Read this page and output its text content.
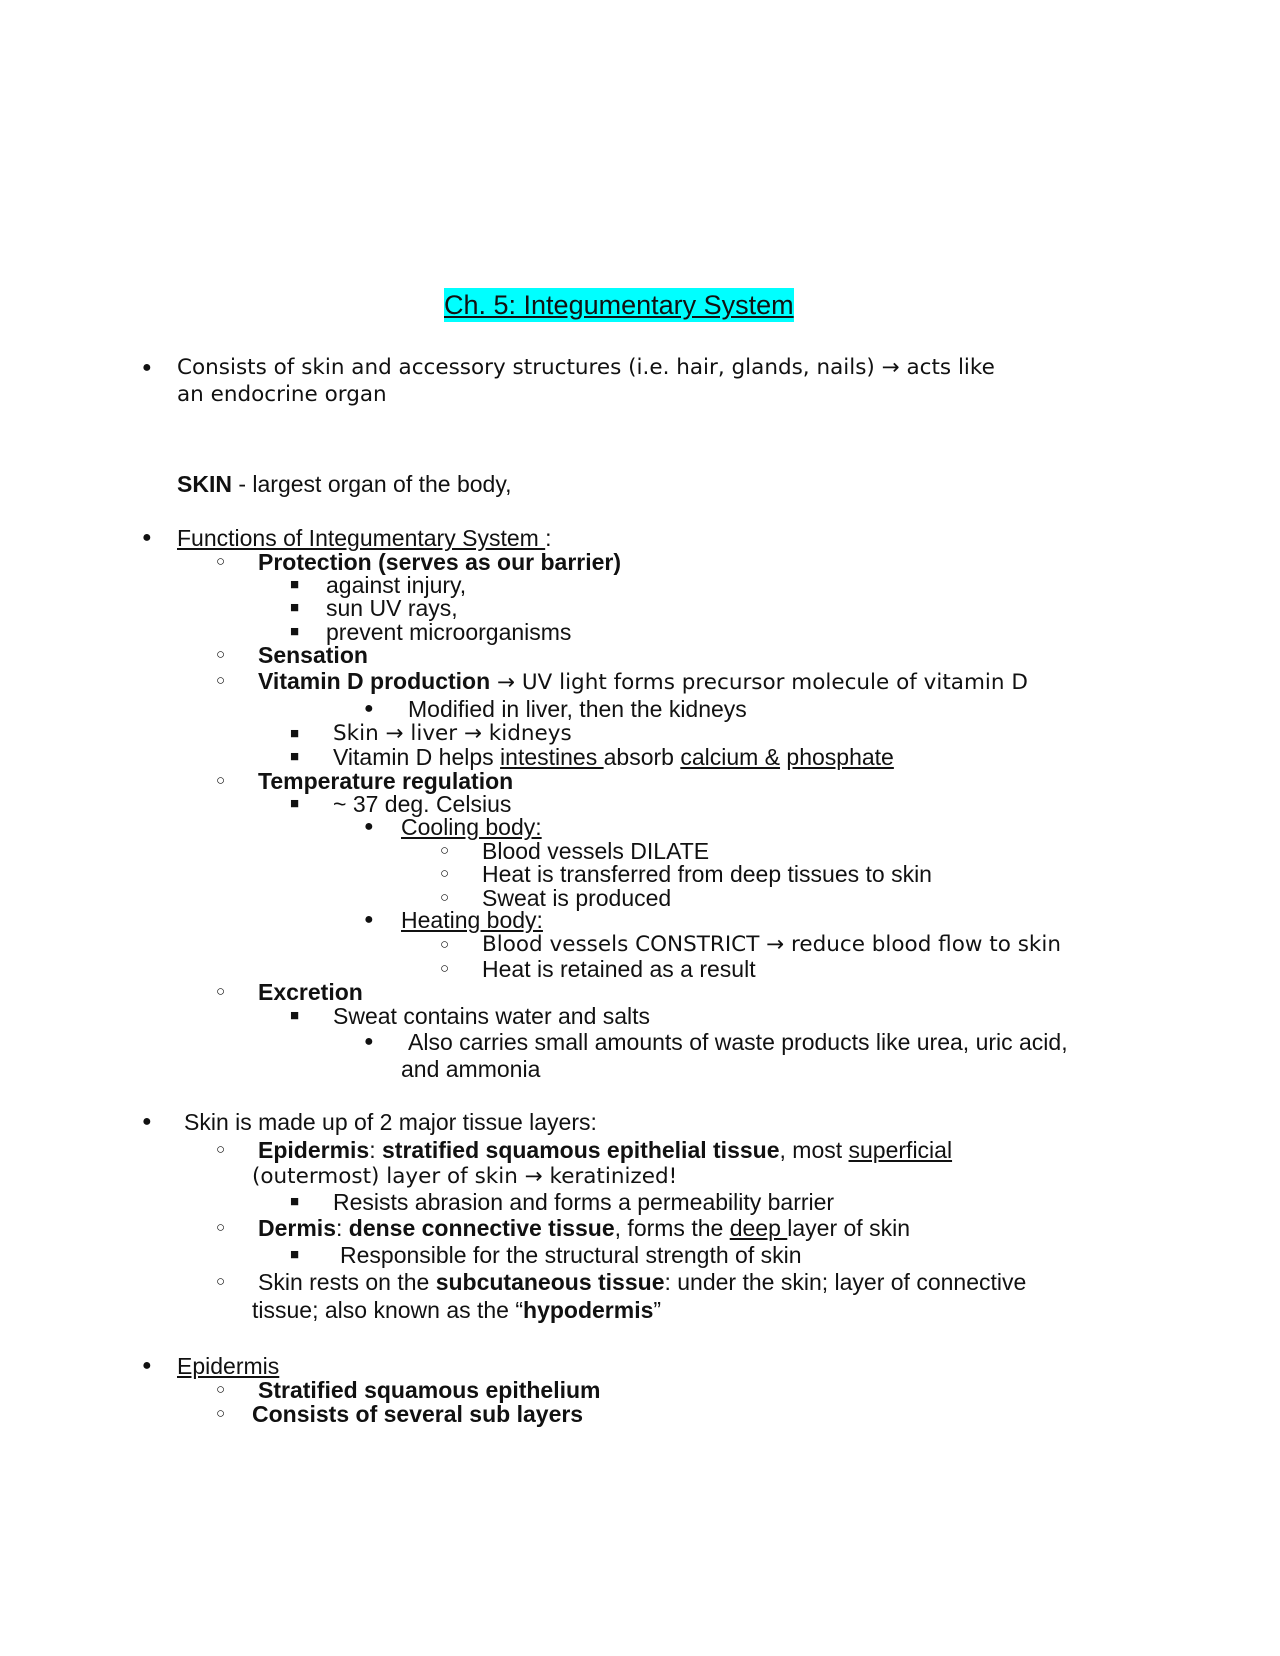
Ch. 5: Integumentary System
● Consists of skin and accessory structures (i.e. hair, glands, nails) → acts like
an endocrine organ
SKIN - largest organ of the body,
● Functions of Integumentary System :
○ Protection (serves as our barrier)
■ against injury,
■ sun UV rays,
■ prevent microorganisms
○ Sensation
○ Vitamin D production → UV light forms precursor molecule of vitamin D
● Modified in liver, then the kidneys
■ Skin → liver → kidneys
■ Vitamin D helps intestines absorb calcium & phosphate
○ Temperature regulation
■ ~ 37 deg. Celsius
● Cooling body:
○ Blood vessels DILATE
○ Heat is transferred from deep tissues to skin
○ Sweat is produced
● Heating body:
○ Blood vessels CONSTRICT → reduce blood flow to skin
○ Heat is retained as a result
○ Excretion
■ Sweat contains water and salts
● Also carries small amounts of waste products like urea, uric acid,
and ammonia
● Skin is made up of 2 major tissue layers:
○ Epidermis: stratified squamous epithelial tissue, most superficial
(outermost) layer of skin → keratinized!
■ Resists abrasion and forms a permeability barrier
○ Dermis: dense connective tissue, forms the deep layer of skin
■ Responsible for the structural strength of skin
○ Skin rests on the subcutaneous tissue: under the skin; layer of connective
tissue; also known as the “hypodermis”
● Epidermis
○ Stratified squamous epithelium
○ Consists of several sub layers
